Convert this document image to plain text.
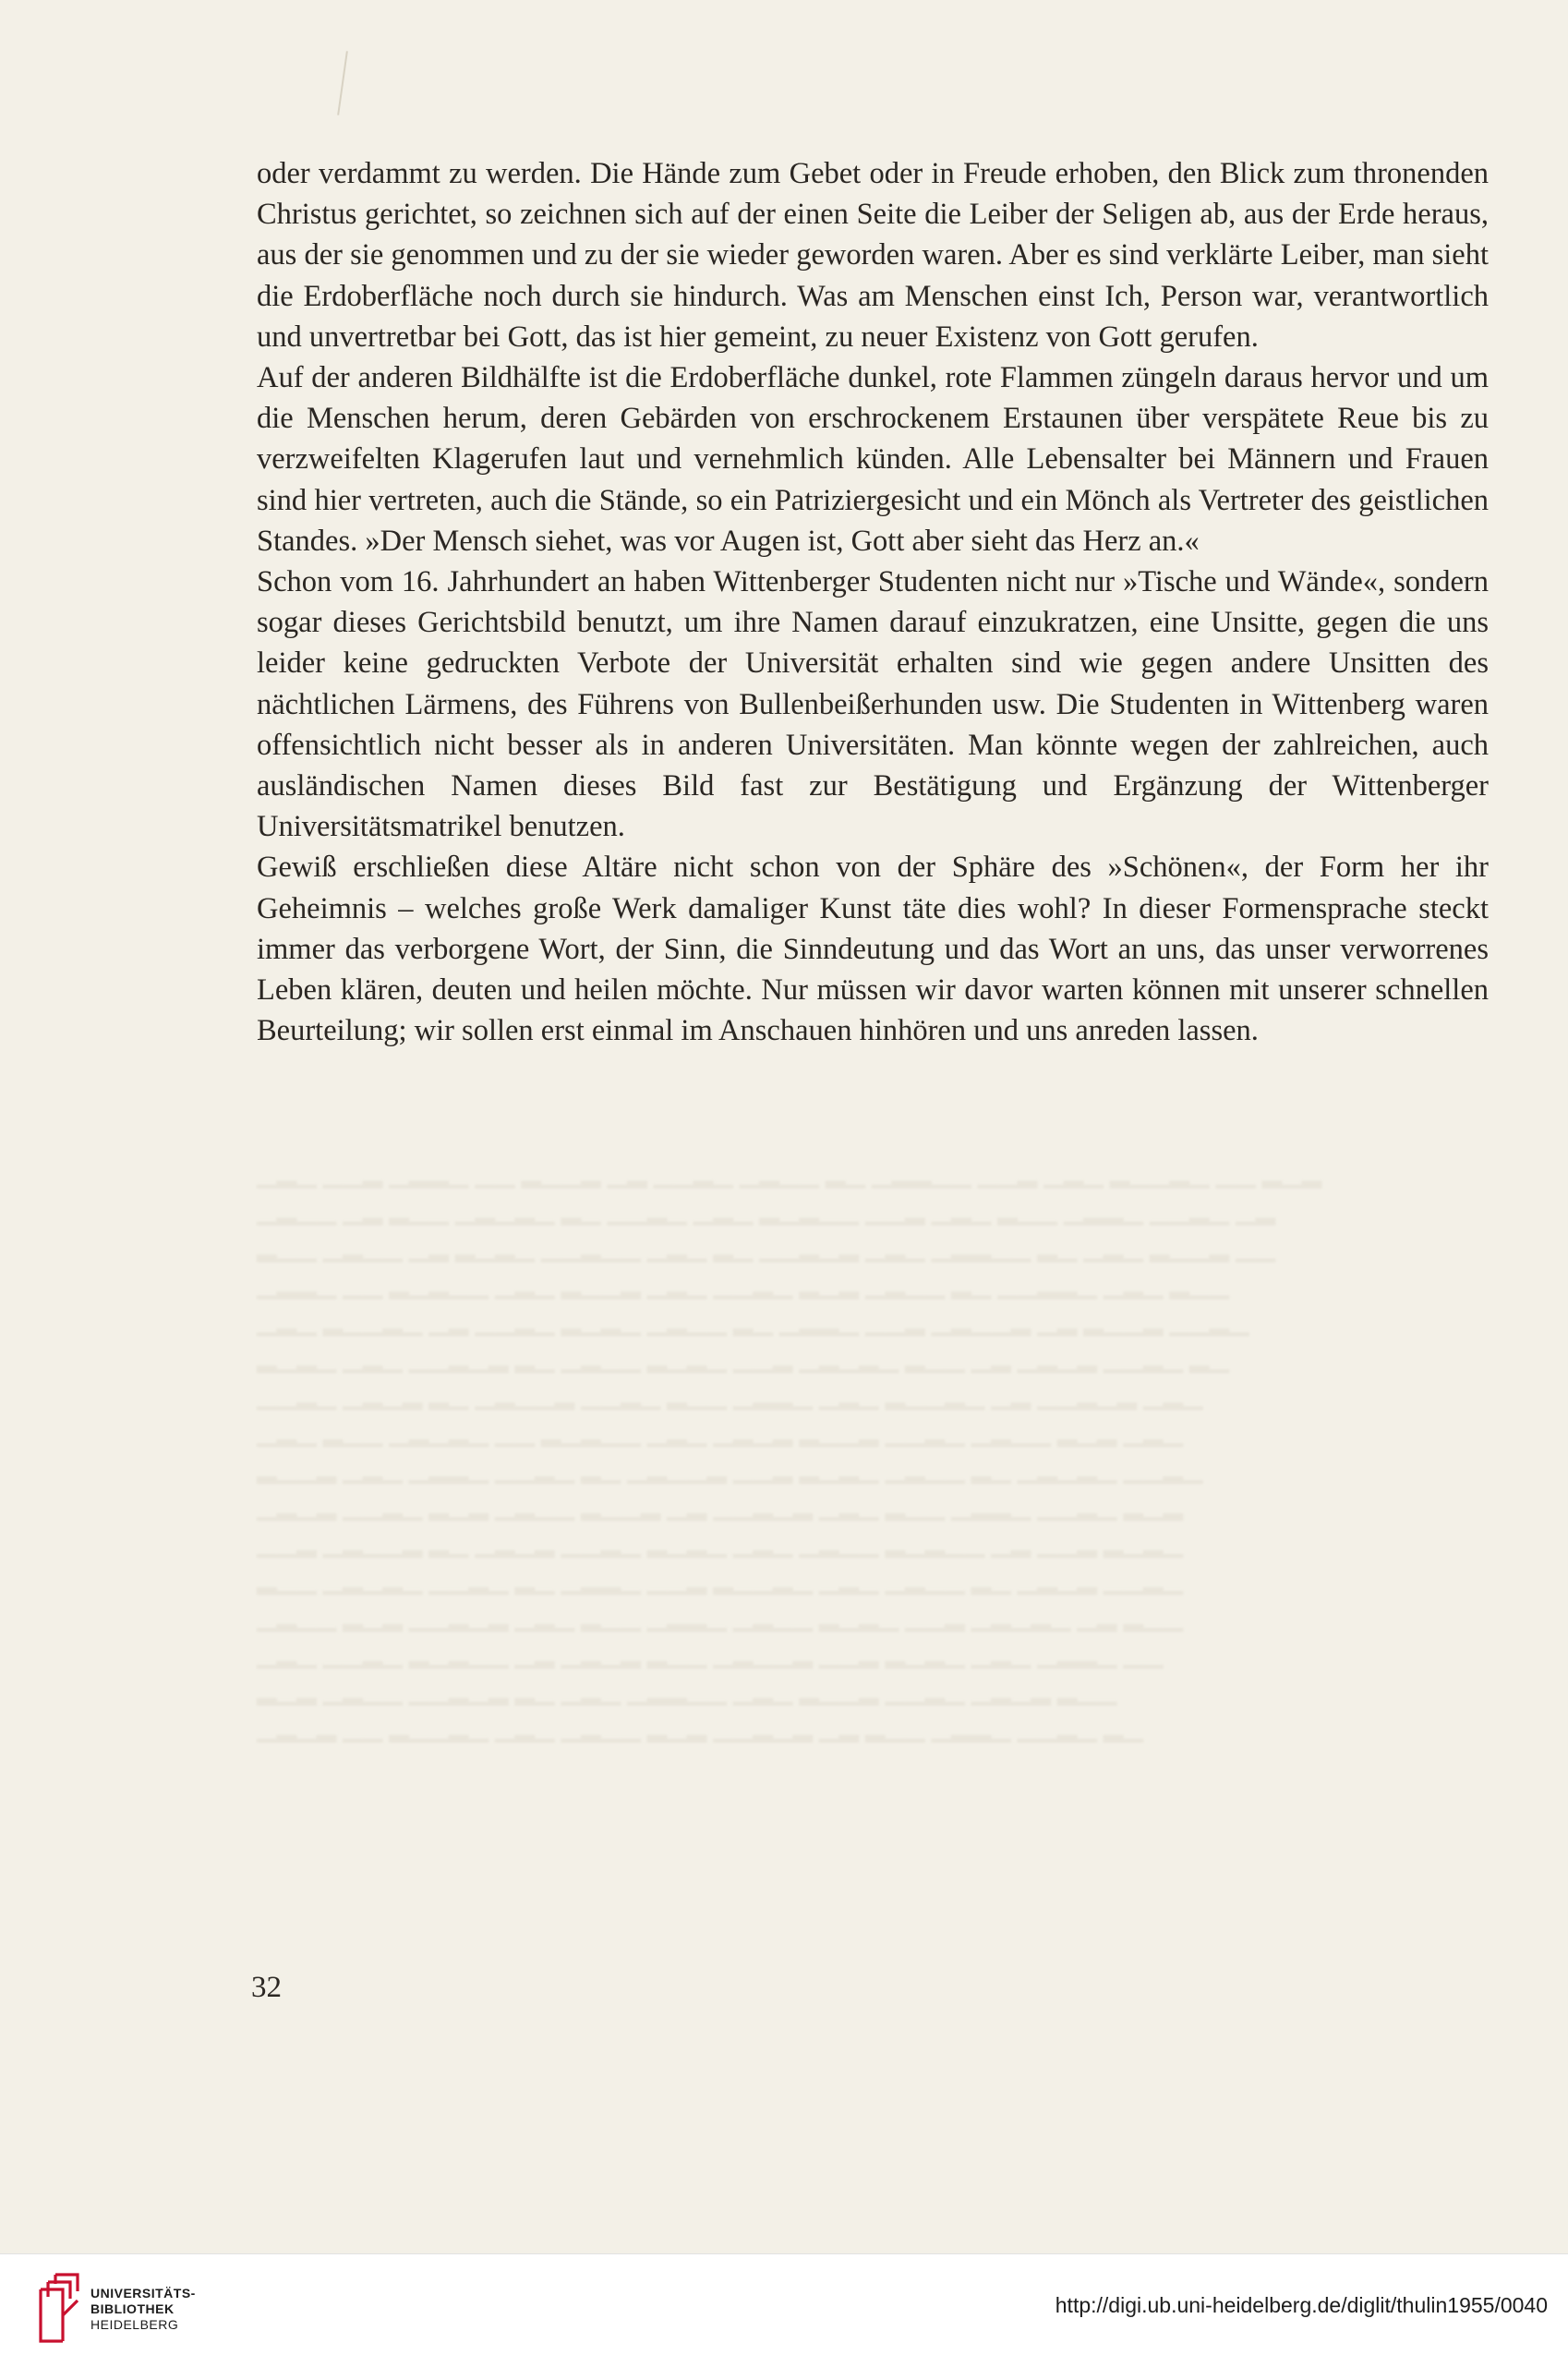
oder verdammt zu werden. Die Hände zum Gebet oder in Freude erhoben, den Blick zum thronenden Christus gerichtet, so zeichnen sich auf der einen Seite die Leiber der Seligen ab, aus der Erde heraus, aus der sie genommen und zu der sie wieder geworden waren. Aber es sind verklärte Leiber, man sieht die Erdoberfläche noch durch sie hindurch. Was am Menschen einst Ich, Person war, verantwortlich und unvertretbar bei Gott, das ist hier gemeint, zu neuer Existenz von Gott gerufen.

Auf der anderen Bildhälfte ist die Erdoberfläche dunkel, rote Flammen züngeln daraus hervor und um die Menschen herum, deren Gebärden von erschrockenem Erstaunen über verspätete Reue bis zu verzweifelten Klagerufen laut und vernehmlich künden. Alle Lebensalter bei Männern und Frauen sind hier vertreten, auch die Stände, so ein Patriziergesicht und ein Mönch als Vertreter des geistlichen Standes. »Der Mensch siehet, was vor Augen ist, Gott aber sieht das Herz an.«

Schon vom 16. Jahrhundert an haben Wittenberger Studenten nicht nur »Tische und Wände«, sondern sogar dieses Gerichtsbild benutzt, um ihre Namen darauf einzukratzen, eine Unsitte, gegen die uns leider keine gedruckten Verbote der Universität erhalten sind wie gegen andere Unsitten des nächtlichen Lärmens, des Führens von Bullenbeißerhunden usw. Die Studenten in Wittenberg waren offensichtlich nicht besser als in anderen Universitäten. Man könnte wegen der zahlreichen, auch ausländischen Namen dieses Bild fast zur Bestätigung und Ergänzung der Wittenberger Universitätsmatrikel benutzen.

Gewiß erschließen diese Altäre nicht schon von der Sphäre des »Schönen«, der Form her ihr Geheimnis – welches große Werk damaliger Kunst täte dies wohl? In dieser Formensprache steckt immer das verborgene Wort, der Sinn, die Sinndeutung und das Wort an uns, das unser verworrenes Leben klären, deuten und heilen möchte. Nur müssen wir davor warten können mit unserer schnellen Beurteilung; wir sollen erst einmal im Anschauen hinhören und uns anreden lassen.

▁▂▁ ▁▁▂ ▁▂▂▁ ▁▁ ▂▁▁▂ ▁▂ ▁▁▂▁ ▁▂▁▁ ▂▁ ▁▂▂▁▁ ▁▁▂ ▁▂▁ ▂▁▁▂▁ ▁▁ ▂▁▂

▁▂▁▁ ▁▂ ▂▁▁ ▁▂▁▂▁ ▂▁ ▁▁▂▁ ▁▂▁ ▂▁▂▁▁ ▁▁▂ ▁▂▁ ▂▁▁ ▁▂▂▁ ▁▁▂▁ ▁▂

▂▁▁ ▁▂▁▁ ▁▂ ▂▁▂▁ ▁▁▂▁▁ ▁▂▁ ▂▁ ▁▁▂▁▂ ▁▂▁ ▁▂▂▁▁ ▂▁ ▁▂▁ ▂▁▁▂ ▁▁

▁▂▂▁ ▁▁ ▂▁▂▁▁ ▁▂▁ ▂▁▁▂ ▁▂▁ ▁▁▂▁ ▂▁▂ ▁▂▁▁ ▂▁ ▁▁▂▂▁ ▁▂▁ ▂▁▁

▁▂▁ ▂▁▁▂▁ ▁▂ ▁▁▂▁ ▂▁▂▁ ▁▂▁▁ ▂▁ ▁▂▂▁ ▁▁▂ ▁▂▁▁▂ ▁▂ ▂▁▁▂ ▁▁▂▁

▂▁▂▁ ▁▂▁ ▁▁▂▁▂ ▂▁ ▁▂▁▁ ▂▁▂▁ ▁▁▂ ▁▂▁▂▁ ▂▁▁ ▁▂ ▁▂▁▂ ▁▁▂▁ ▂▁

▁▁▂▁ ▁▂▁▂ ▂▁ ▁▂▁▁▂ ▁▁▂▁ ▂▁▁ ▁▂▂▁ ▁▂▁ ▂▁▁▂▁ ▁▂ ▁▁▂▁▂ ▁▂▁

▁▂▁ ▂▁▁ ▁▂▁▂▁ ▁▁ ▂▁▂▁▁ ▁▂▁ ▁▂▁▂ ▂▁▁▂ ▁▁▂▁ ▁▂▁▁ ▂▁▂ ▁▂▁

▂▁▁▂ ▁▂▁ ▁▂▂▁ ▁▁▂▁ ▂▁ ▁▂▁▁▂ ▁▁▂ ▂▁▂▁ ▁▂▁▁ ▂▁ ▁▂▁▂▁ ▁▁▂▁

▁▂▁▂ ▁▁▂▁ ▂▁▂ ▁▂▁▁ ▂▁▁▂ ▁▂ ▁▁▂▁▂ ▁▂▁ ▂▁▁ ▁▂▂▁ ▁▁▂▁ ▂▁▂

▁▁▂ ▁▂▁▁▂ ▂▁ ▁▂▁▂ ▁▁▂▁ ▂▁▂▁ ▁▂▁ ▁▂▁▁ ▂▁▂▁▁ ▁▂ ▁▁▂ ▂▁▂▁

▂▁▁ ▁▂▁▂▁ ▁▁▂▁ ▂▁ ▁▂▂▁ ▁▁▂ ▂▁▁▂▁ ▁▂▁ ▁▂▁▁ ▂▁ ▁▂▁▂ ▁▁▂▁

▁▂▁▁ ▂▁▂ ▁▁▂▁▂ ▁▂▁ ▂▁▁ ▁▂▂▁ ▁▂▁▁ ▂▁▂▁ ▁▁▂ ▁▂▁▂▁ ▁▂ ▂▁▁

▁▂▁ ▁▁▂▁ ▂▁▂▁▁ ▁▂ ▁▂▁▂ ▂▁▁ ▁▂▁▁▂ ▁▁▂ ▂▁▂▁ ▁▂▁ ▁▂▂▁ ▁▁

▂▁▂ ▁▂▁▁ ▁▁▂▁▂ ▂▁ ▁▂▁ ▁▂▂▁▁ ▁▂▁ ▂▁▁▂ ▁▁▂▁ ▁▂▁▂ ▂▁▁

▁▂▁▂ ▁▁ ▂▁▁▂▁ ▁▂▁ ▁▂▁▁ ▂▁▂ ▁▁▂▁▂ ▁▂ ▂▁▁ ▁▂▂▁ ▁▁▂▁ ▂▁

32
UNIVERSITÄTS-
BIBLIOTHEK
HEIDELBERG
http://digi.ub.uni-heidelberg.de/diglit/thulin1955/0040
